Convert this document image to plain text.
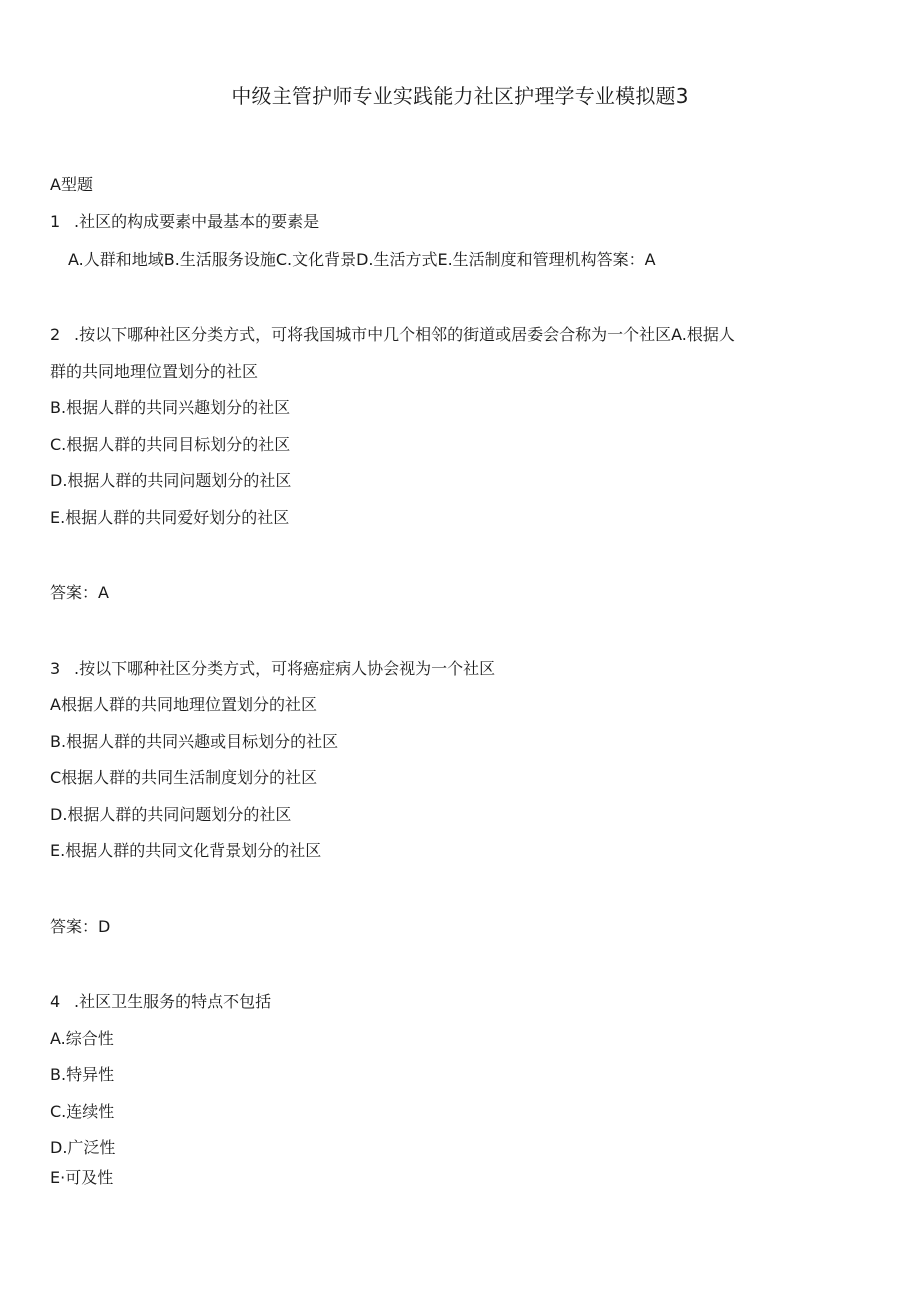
中级主管护师专业实践能力社区护理学专业模拟题3
A型题
1 .社区的构成要素中最基本的要素是
A.人群和地域B.生活服务设施C.文化背景D.生活方式E.生活制度和管理机构答案：A
2 .按以下哪种社区分类方式，可将我国城市中几个相邻的街道或居委会合称为一个社区A.根据人
群的共同地理位置划分的社区
B.根据人群的共同兴趣划分的社区
C.根据人群的共同目标划分的社区
D.根据人群的共同问题划分的社区
E.根据人群的共同爱好划分的社区
答案：A
3 .按以下哪种社区分类方式，可将癌症病人协会视为一个社区
A根据人群的共同地理位置划分的社区
B.根据人群的共同兴趣或目标划分的社区
C根据人群的共同生活制度划分的社区
D.根据人群的共同问题划分的社区
E.根据人群的共同文化背景划分的社区
答案：D
4 .社区卫生服务的特点不包括
A.综合性
B.特异性
C.连续性
D.广泛性
E·可及性
